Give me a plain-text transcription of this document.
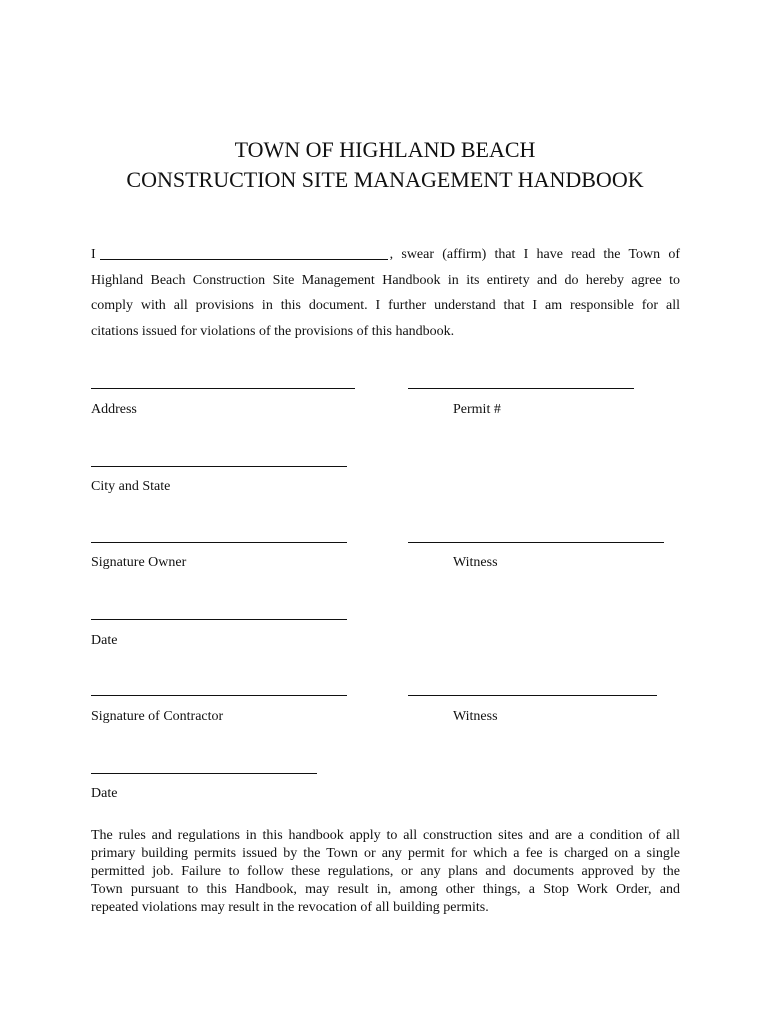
TOWN OF HIGHLAND BEACH
CONSTRUCTION SITE MANAGEMENT HANDBOOK
I	, swear (affirm) that I have read the Town of
Highland Beach Construction Site Management Handbook in its entirety and do hereby agree to
comply with all provisions in this document. I further understand that I am responsible for all
citations issued for violations of the provisions of this handbook.
Address	Permit #
City and State
Signature Owner	Witness
Date
Signature of Contractor	Witness
Date
The rules and regulations in this handbook apply to all construction sites and are a condition of all
primary building permits issued by the Town or any permit for which a fee is charged on a single
permitted job. Failure to follow these regulations, or any plans and documents approved by the
Town pursuant to this Handbook, may result in, among other things, a Stop Work Order, and
repeated violations may result in the revocation of all building permits.
